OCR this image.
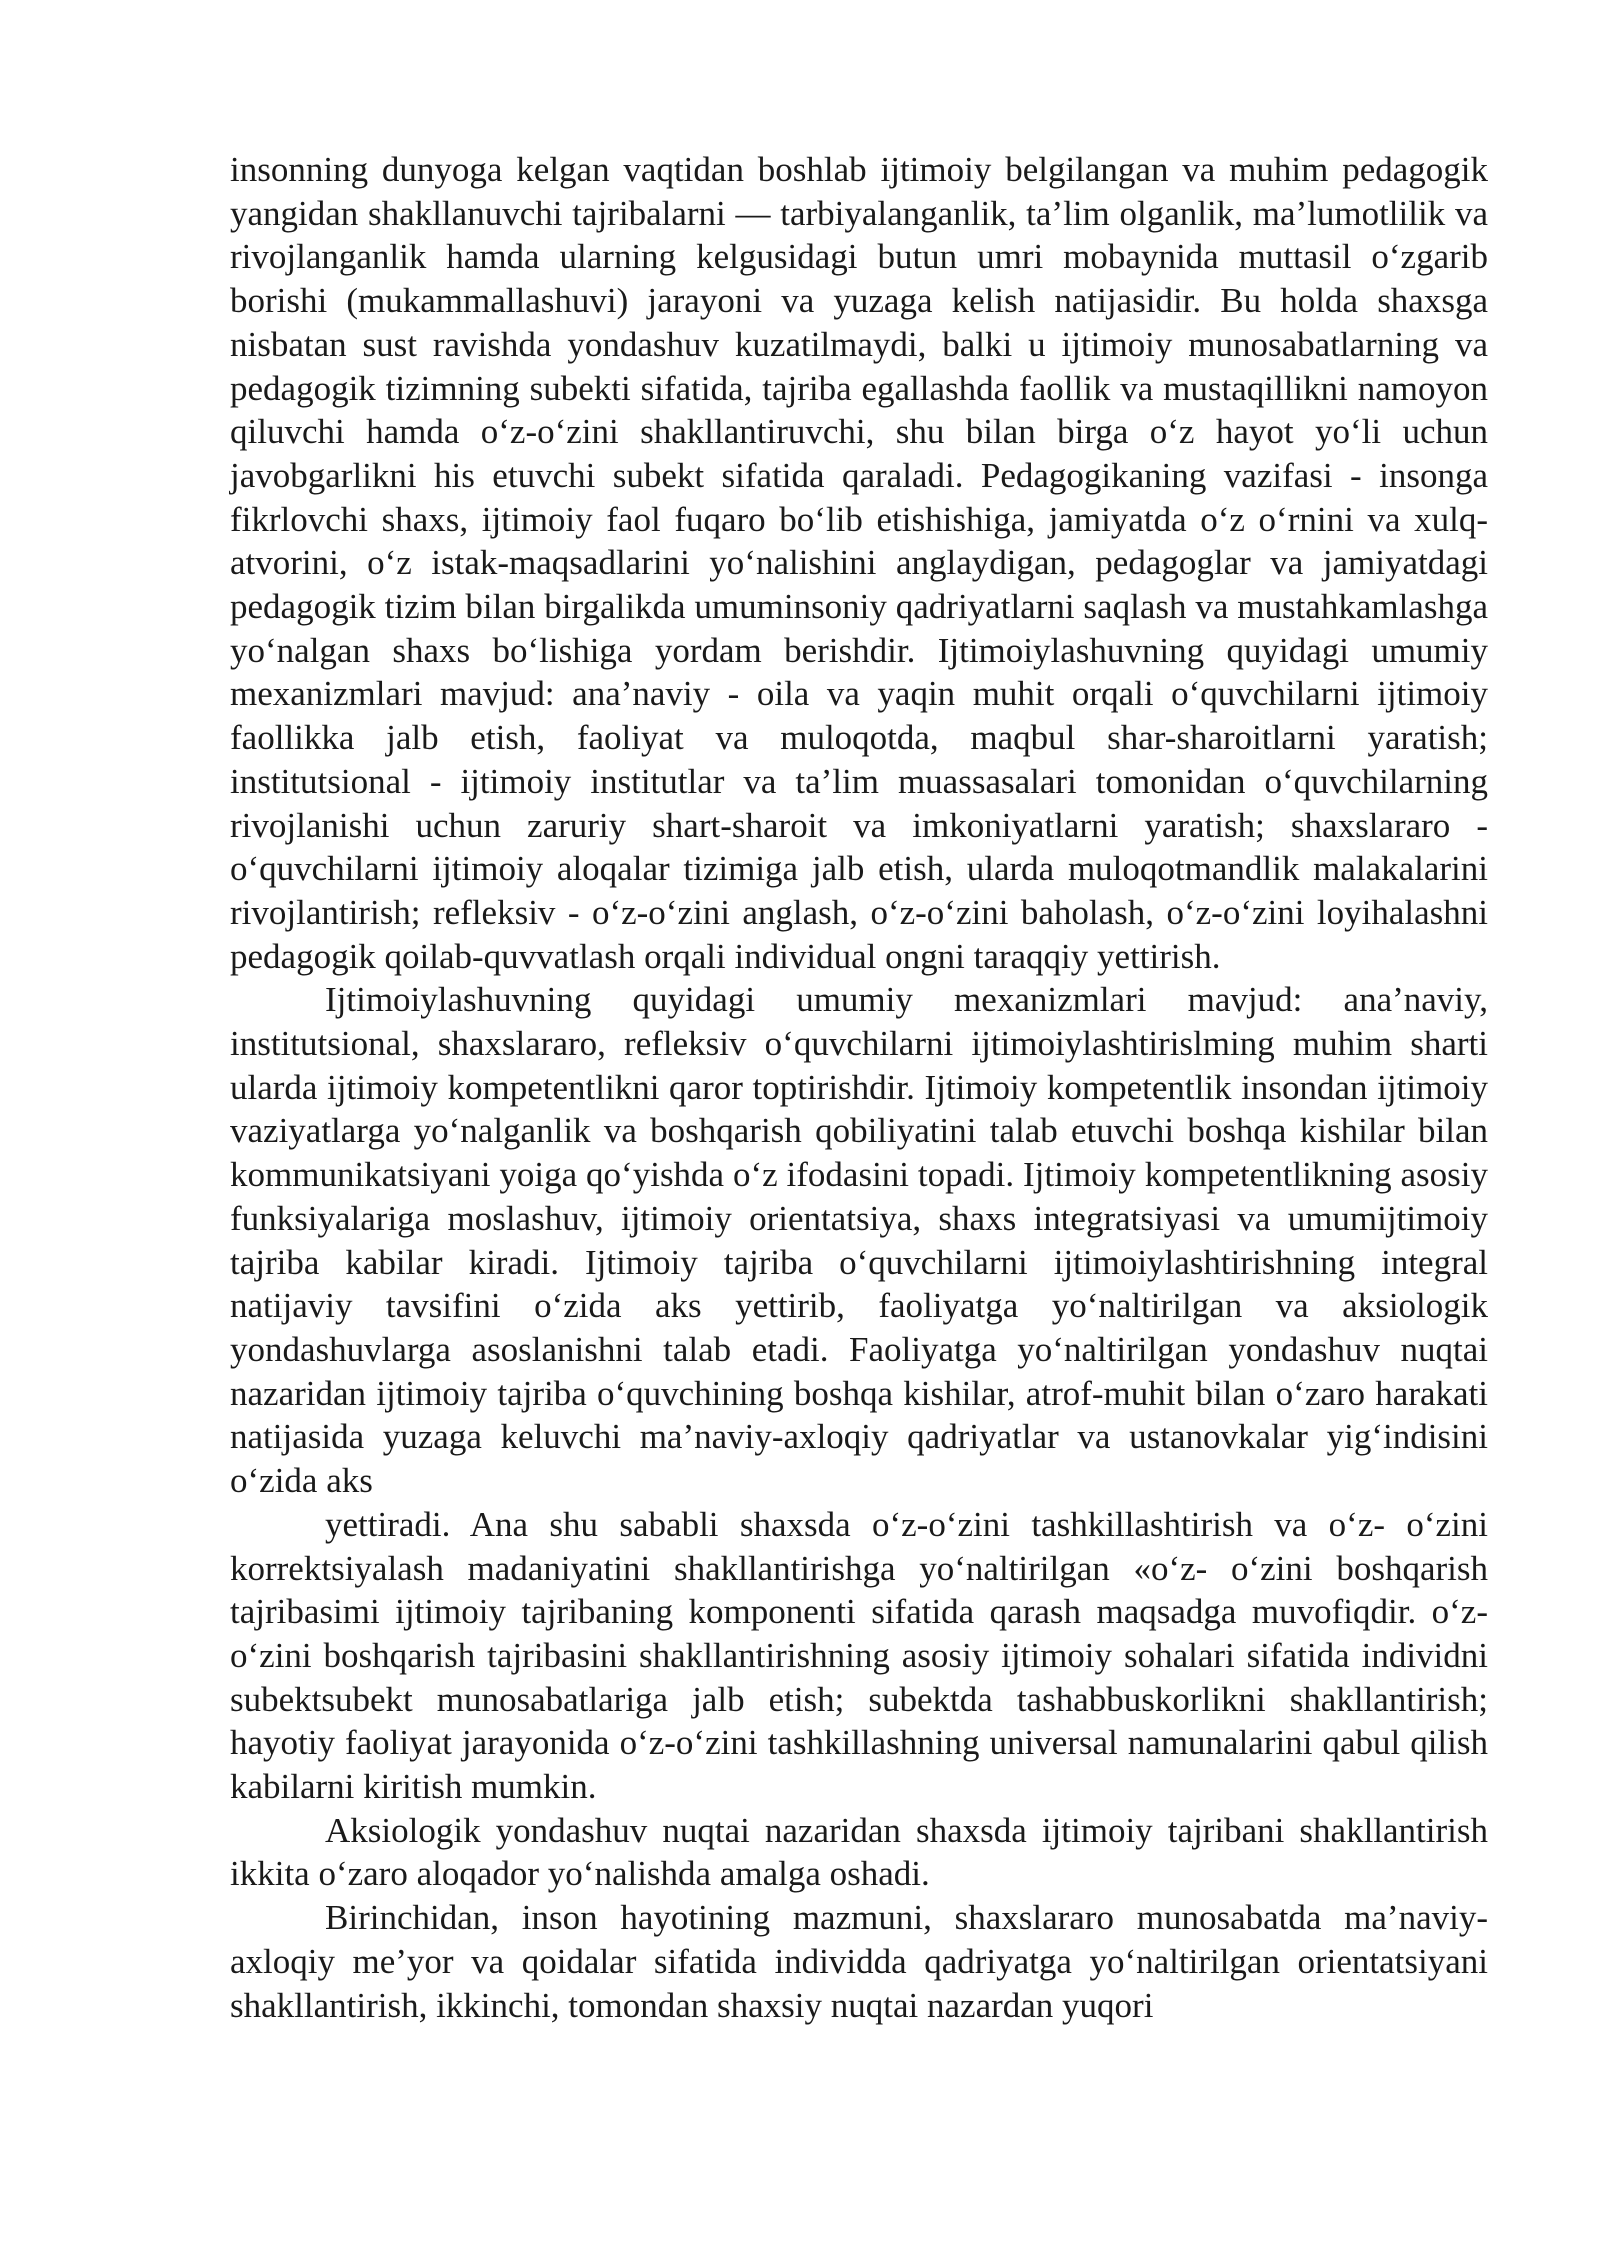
insonning dunyoga kelgan vaqtidan boshlab ijtimoiy belgilangan va muhim pedagogik yangidan shakllanuvchi tajribalarni — tarbiyalanganlik, ta’lim olganlik, ma’lumotlilik va rivojlanganlik hamda ularning kelgusidagi butun umri mobaynida muttasil o‘zgarib borishi (mukammallashuvi) jarayoni va yuzaga kelish natijasidir. Bu holda shaxsga nisbatan sust ravishda yondashuv kuzatilmaydi, balki u ijtimoiy munosabatlarning va pedagogik tizimning subekti sifatida, tajriba egallashda faollik va mustaqillikni namoyon qiluvchi hamda o‘z-o‘zini shakllantiruvchi, shu bilan birga o‘z hayot yo‘li uchun javobgarlikni his etuvchi subekt sifatida qaraladi. Pedagogikaning vazifasi - insonga fikrlovchi shaxs, ijtimoiy faol fuqaro bo‘lib etishishiga, jamiyatda o‘z o‘rnini va xulq- atvorini, o‘z istak-maqsadlarini yo‘nalishini anglaydigan, pedagoglar va jamiyatdagi pedagogik tizim bilan birgalikda umuminsoniy qadriyatlarni saqlash va mustahkamlashga yo‘nalgan shaxs bo‘lishiga yordam berishdir. Ijtimoiylashuvning quyidagi umumiy mexanizmlari mavjud: ana’naviy - oila va yaqin muhit orqali o‘quvchilarni ijtimoiy faollikka jalb etish, faoliyat va muloqotda, maqbul shar-sharoitlarni yaratish; institutsional - ijtimoiy institutlar va ta’lim muassasalari tomonidan o‘quvchilarning rivojlanishi uchun zaruriy shart-sharoit va imkoniyatlarni yaratish; shaxslararo - o‘quvchilarni ijtimoiy aloqalar tizimiga jalb etish, ularda muloqotmandlik malakalarini rivojlantirish; refleksiv - o‘z-o‘zini anglash, o‘z-o‘zini baholash, o‘z-o‘zini loyihalashni pedagogik qoilab-quvvatlash orqali individual ongni taraqqiy yettirish.

Ijtimoiylashuvning quyidagi umumiy mexanizmlari mavjud: ana’naviy, institutsional, shaxslararo, refleksiv o‘quvchilarni ijtimoiylashtirislming muhim sharti ularda ijtimoiy kompetentlikni qaror toptirishdir. Ijtimoiy kompetentlik insondan ijtimoiy vaziyatlarga yo‘nalganlik va boshqarish qobiliyatini talab etuvchi boshqa kishilar bilan kommunikatsiyani yoiga qo‘yishda o‘z ifodasini topadi. Ijtimoiy kompetentlikning asosiy funksiyalariga moslashuv, ijtimoiy orientatsiya, shaxs integratsiyasi va umumijtimoiy tajriba kabilar kiradi. Ijtimoiy tajriba o‘quvchilarni ijtimoiylashtirishning integral natijaviy tavsifini o‘zida aks yettirib, faoliyatga yo‘naltirilgan va aksiologik yondashuvlarga asoslanishni talab etadi. Faoliyatga yo‘naltirilgan yondashuv nuqtai nazaridan ijtimoiy tajriba o‘quvchining boshqa kishilar, atrof-muhit bilan o‘zaro harakati natijasida yuzaga keluvchi ma’naviy-axloqiy qadriyatlar va ustanovkalar yig‘indisini o‘zida aks

yettiradi. Ana shu sababli shaxsda o‘z-o‘zini tashkillashtirish va o‘z- o‘zini korrektsiyalash madaniyatini shakllantirishga yo‘naltirilgan «o‘z- o‘zini boshqarish tajribasimi ijtimoiy tajribaning komponenti sifatida qarash maqsadga muvofiqdir. o‘z-o‘zini boshqarish tajribasini shakllantirishning asosiy ijtimoiy sohalari sifatida individni subektsubekt munosabatlariga jalb etish; subektda tashabbuskorlikni shakllantirish; hayotiy faoliyat jarayonida o‘z-o‘zini tashkillashning universal namunalarini qabul qilish kabilarni kiritish mumkin.

Aksiologik yondashuv nuqtai nazaridan shaxsda ijtimoiy tajribani shakllantirish ikkita o‘zaro aloqador yo‘nalishda amalga oshadi.

Birinchidan, inson hayotining mazmuni, shaxslararo munosabatda ma’naviy-axloqiy me’yor va qoidalar sifatida individda qadriyatga yo‘naltirilgan orientatsiyani shakllantirish, ikkinchi, tomondan shaxsiy nuqtai nazardan yuqori
